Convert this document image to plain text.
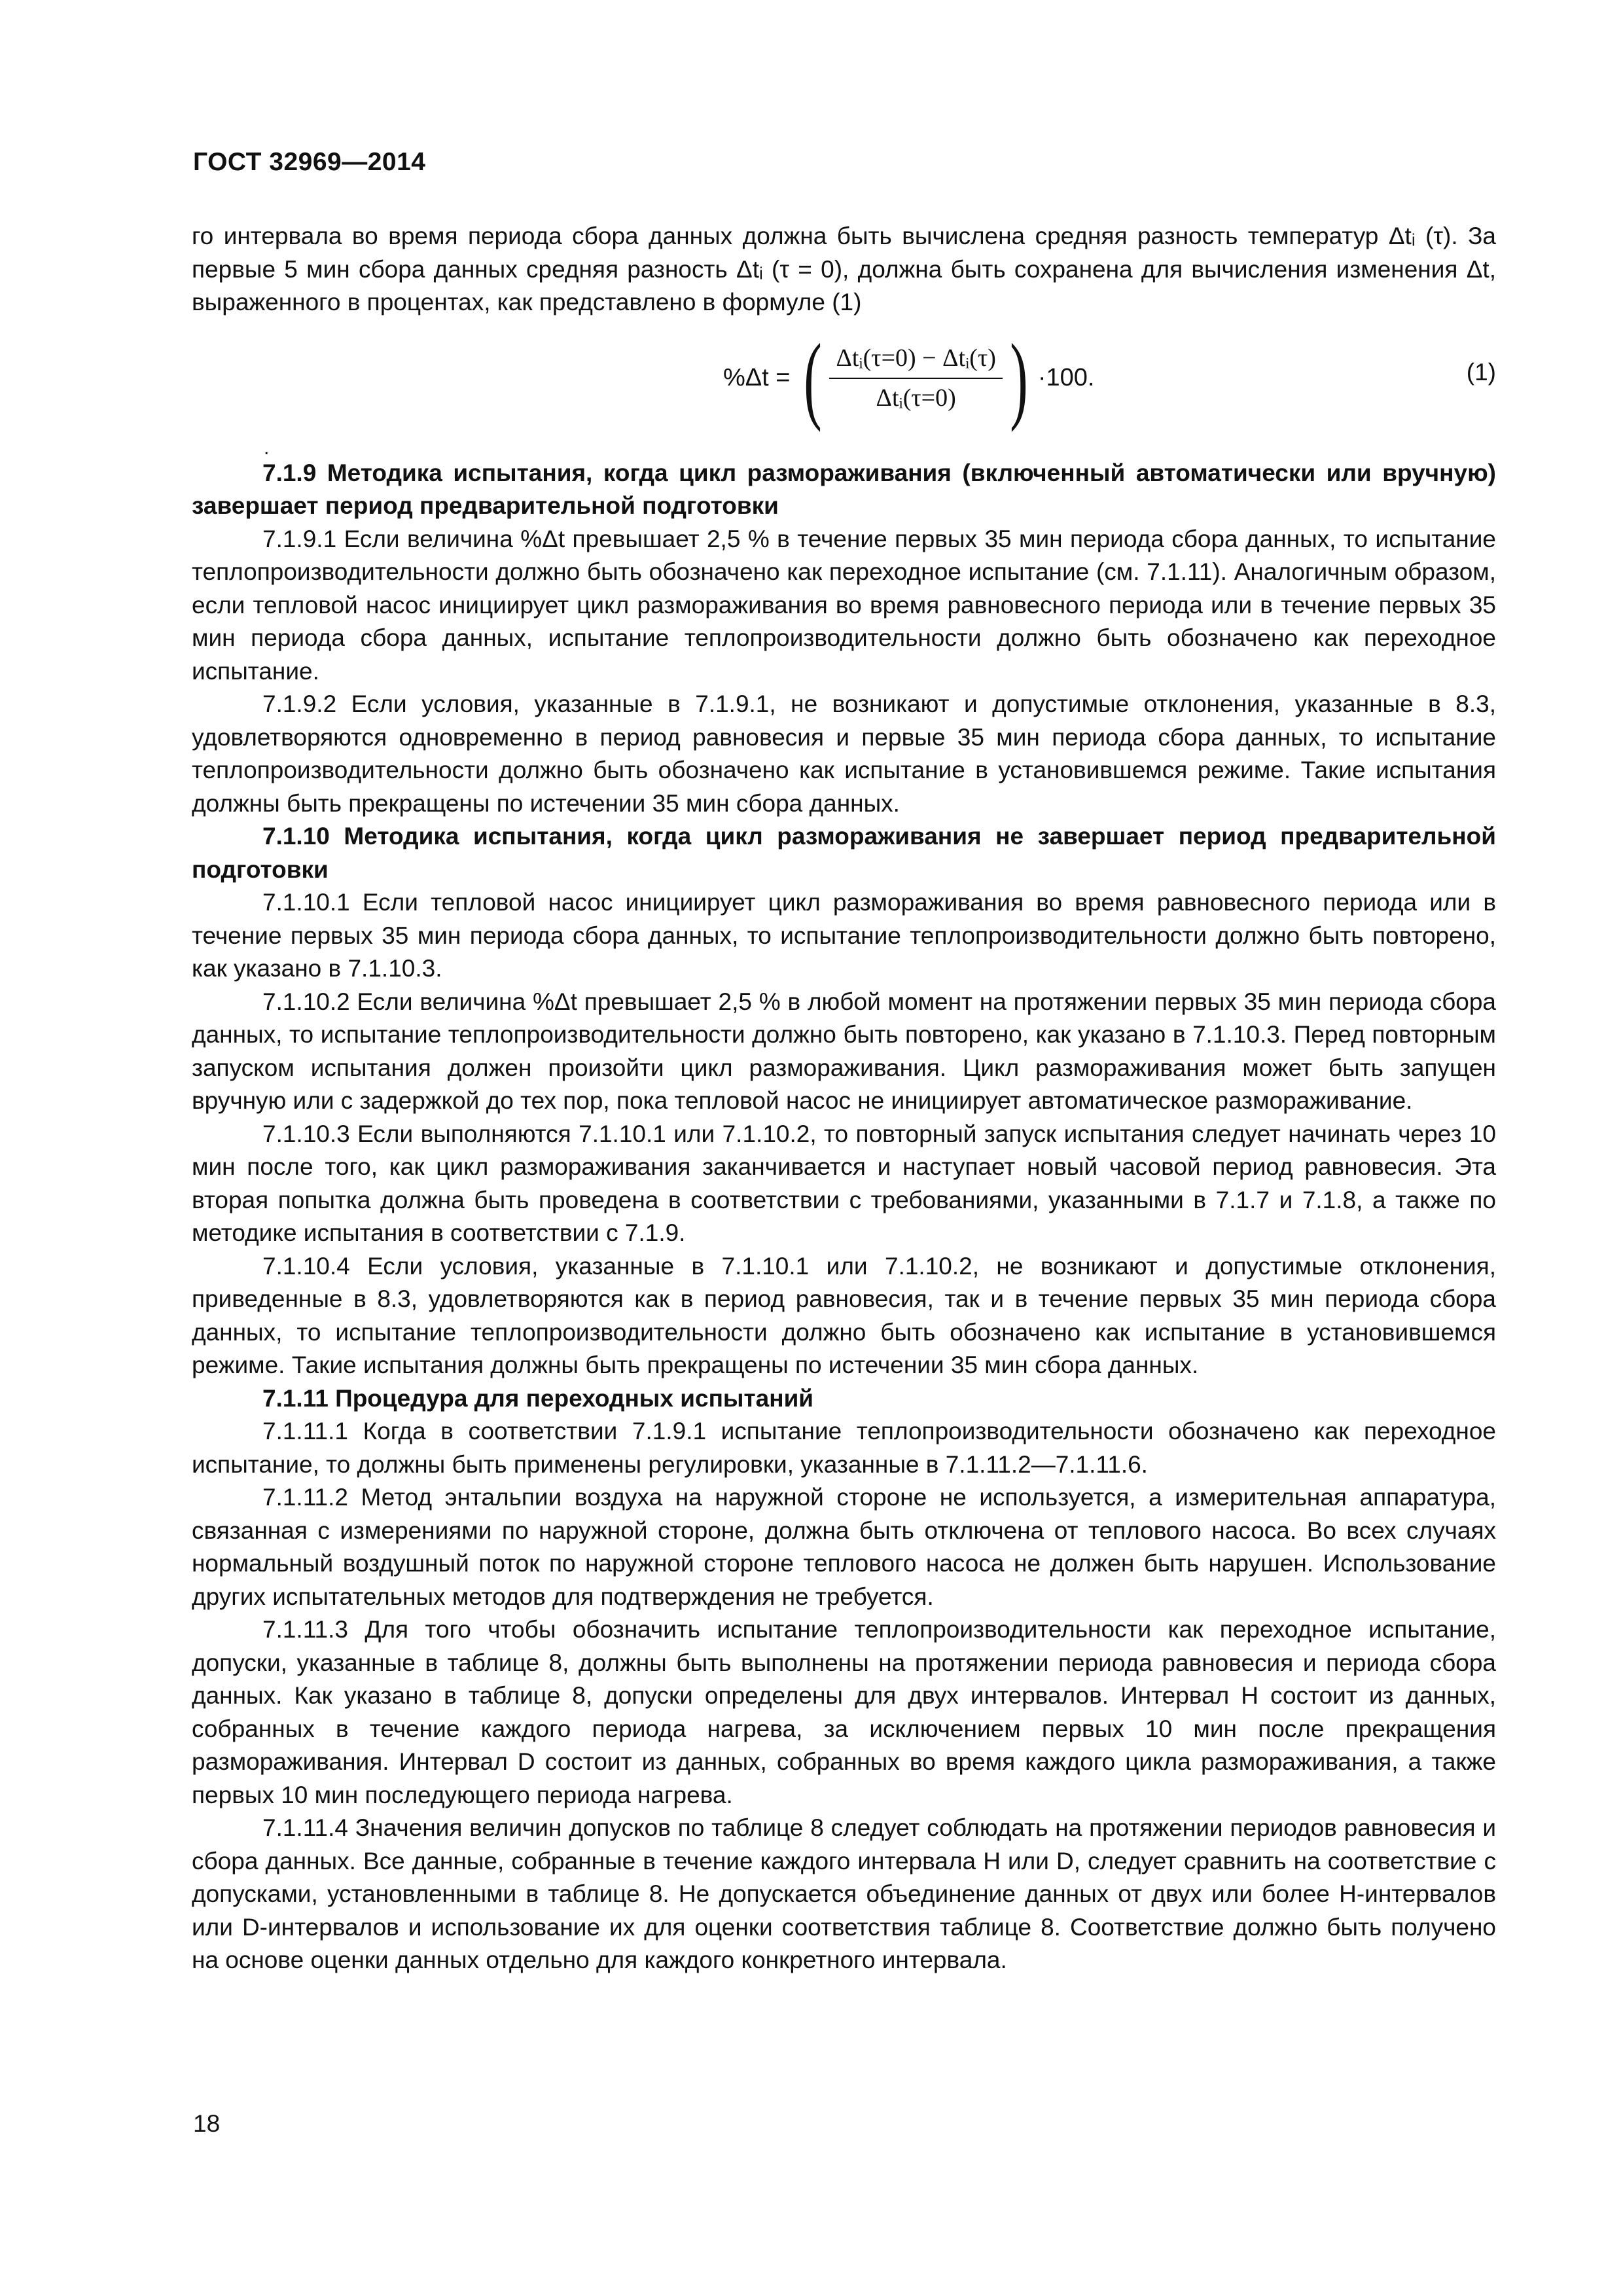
ГОСТ 32969—2014

го интервала во время периода сбора данных должна быть вычислена средняя разность температур Δtᵢ (τ). За первые 5 мин сбора данных средняя разность Δtᵢ (τ = 0), должна быть сохранена для вычисления изменения Δt, выраженного в процентах, как представлено в формуле (1)

%Δt = ( $\frac{\text{Δtᵢ(τ=0) − Δtᵢ(τ)}}{\text{Δtᵢ(τ=0)}}$ ) ·100.	(1)
.

7.1.9 Методика испытания, когда цикл размораживания (включенный автоматически или вручную) завершает период предварительной подготовки

7.1.9.1 Если величина %Δt превышает 2,5 % в течение первых 35 мин периода сбора данных, то испытание теплопроизводительности должно быть обозначено как переходное испытание (см. 7.1.11). Аналогичным образом, если тепловой насос инициирует цикл размораживания во время равновесного периода или в течение первых 35 мин периода сбора данных, испытание теплопроизводительности должно быть обозначено как переходное испытание.

7.1.9.2 Если условия, указанные в 7.1.9.1, не возникают и допустимые отклонения, указанные в 8.3, удовлетворяются одновременно в период равновесия и первые 35 мин периода сбора данных, то испытание теплопроизводительности должно быть обозначено как испытание в установившемся режиме. Такие испытания должны быть прекращены по истечении 35 мин сбора данных.

7.1.10 Методика испытания, когда цикл размораживания не завершает период предварительной подготовки

7.1.10.1 Если тепловой насос инициирует цикл размораживания во время равновесного периода или в течение первых 35 мин периода сбора данных, то испытание теплопроизводительности должно быть повторено, как указано в 7.1.10.3.

7.1.10.2 Если величина %Δt превышает 2,5 % в любой момент на протяжении первых 35 мин периода сбора данных, то испытание теплопроизводительности должно быть повторено, как указано в 7.1.10.3. Перед повторным запуском испытания должен произойти цикл размораживания. Цикл размораживания может быть запущен вручную или с задержкой до тех пор, пока тепловой насос не инициирует автоматическое размораживание.

7.1.10.3 Если выполняются 7.1.10.1 или 7.1.10.2, то повторный запуск испытания следует начинать через 10 мин после того, как цикл размораживания заканчивается и наступает новый часовой период равновесия. Эта вторая попытка должна быть проведена в соответствии с требованиями, указанными в 7.1.7 и 7.1.8, а также по методике испытания в соответствии с 7.1.9.

7.1.10.4 Если условия, указанные в 7.1.10.1 или 7.1.10.2, не возникают и допустимые отклонения, приведенные в 8.3, удовлетворяются как в период равновесия, так и в течение первых 35 мин периода сбора данных, то испытание теплопроизводительности должно быть обозначено как испытание в установившемся режиме. Такие испытания должны быть прекращены по истечении 35 мин сбора данных.

7.1.11 Процедура для переходных испытаний

7.1.11.1 Когда в соответствии 7.1.9.1 испытание теплопроизводительности обозначено как переходное испытание, то должны быть применены регулировки, указанные в 7.1.11.2—7.1.11.6.

7.1.11.2 Метод энтальпии воздуха на наружной стороне не используется, а измерительная аппаратура, связанная с измерениями по наружной стороне, должна быть отключена от теплового насоса. Во всех случаях нормальный воздушный поток по наружной стороне теплового насоса не должен быть нарушен. Использование других испытательных методов для подтверждения не требуется.

7.1.11.3 Для того чтобы обозначить испытание теплопроизводительности как переходное испытание, допуски, указанные в таблице 8, должны быть выполнены на протяжении периода равновесия и периода сбора данных. Как указано в таблице 8, допуски определены для двух интервалов. Интервал H состоит из данных, собранных в течение каждого периода нагрева, за исключением первых 10 мин после прекращения размораживания. Интервал D состоит из данных, собранных во время каждого цикла размораживания, а также первых 10 мин последующего периода нагрева.

7.1.11.4 Значения величин допусков по таблице 8 следует соблюдать на протяжении периодов равновесия и сбора данных. Все данные, собранные в течение каждого интервала H или D, следует сравнить на соответствие с допусками, установленными в таблице 8. Не допускается объединение данных от двух или более H-интервалов или D-интервалов и использование их для оценки соответствия таблице 8. Соответствие должно быть получено на основе оценки данных отдельно для каждого конкретного интервала.

18
